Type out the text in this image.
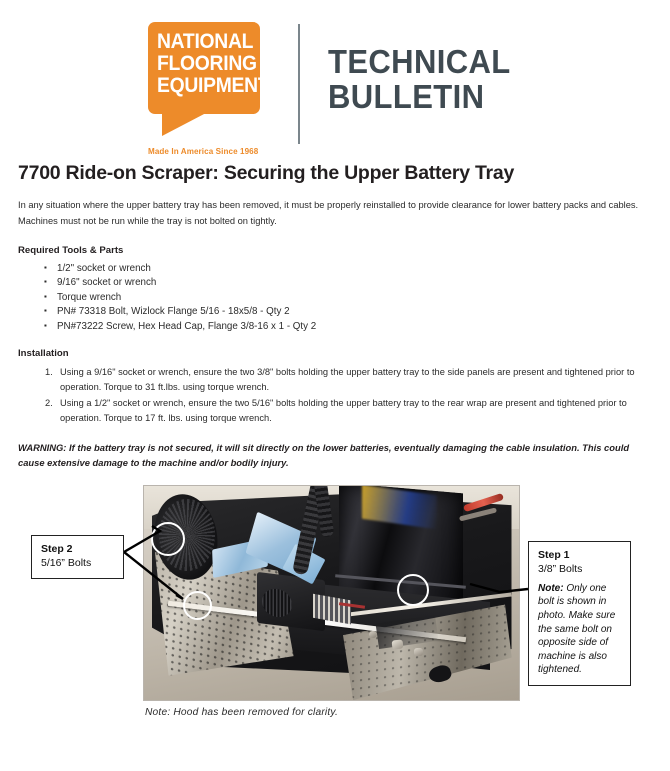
™
NATIONAL
FLOORING
EQUIPMENT
Made In America Since 1968
TECHNICAL
BULLETIN
7700 Ride-on Scraper: Securing the Upper Battery Tray

In any situation where the upper battery tray has been removed, it must be properly reinstalled to provide clearance for lower battery packs and cables. Machines must not be run while the tray is not bolted on tightly.

Required Tools & Parts
▪ 1/2" socket or wrench
▪ 9/16" socket or wrench
▪ Torque wrench
▪ PN# 73318 Bolt, Wizlock Flange 5/16 - 18x5/8 - Qty 2
▪ PN#73222 Screw, Hex Head Cap, Flange 3/8-16 x 1 - Qty 2
Installation
Using a 9/16" socket or wrench, ensure the two 3/8" bolts holding the upper battery tray to the side panels are present and tightened prior to operation. Torque to 31 ft.lbs. using torque wrench.
Using a 1/2" socket or wrench, ensure the two 5/16" bolts holding the upper battery tray to the rear wrap are present and tightened prior to operation. Torque to 17 ft. lbs. using torque wrench.

WARNING: If the battery tray is not secured, it will sit directly on the lower batteries, eventually damaging the cable insulation. This could cause extensive damage to the machine and/or bodily injury.

Step 2
5/16” Bolts
Step 1
3/8” Bolts
Note: Only one bolt is shown in photo. Make sure the same bolt on opposite side of machine is also tightened.
Note: Hood has been removed for clarity.
